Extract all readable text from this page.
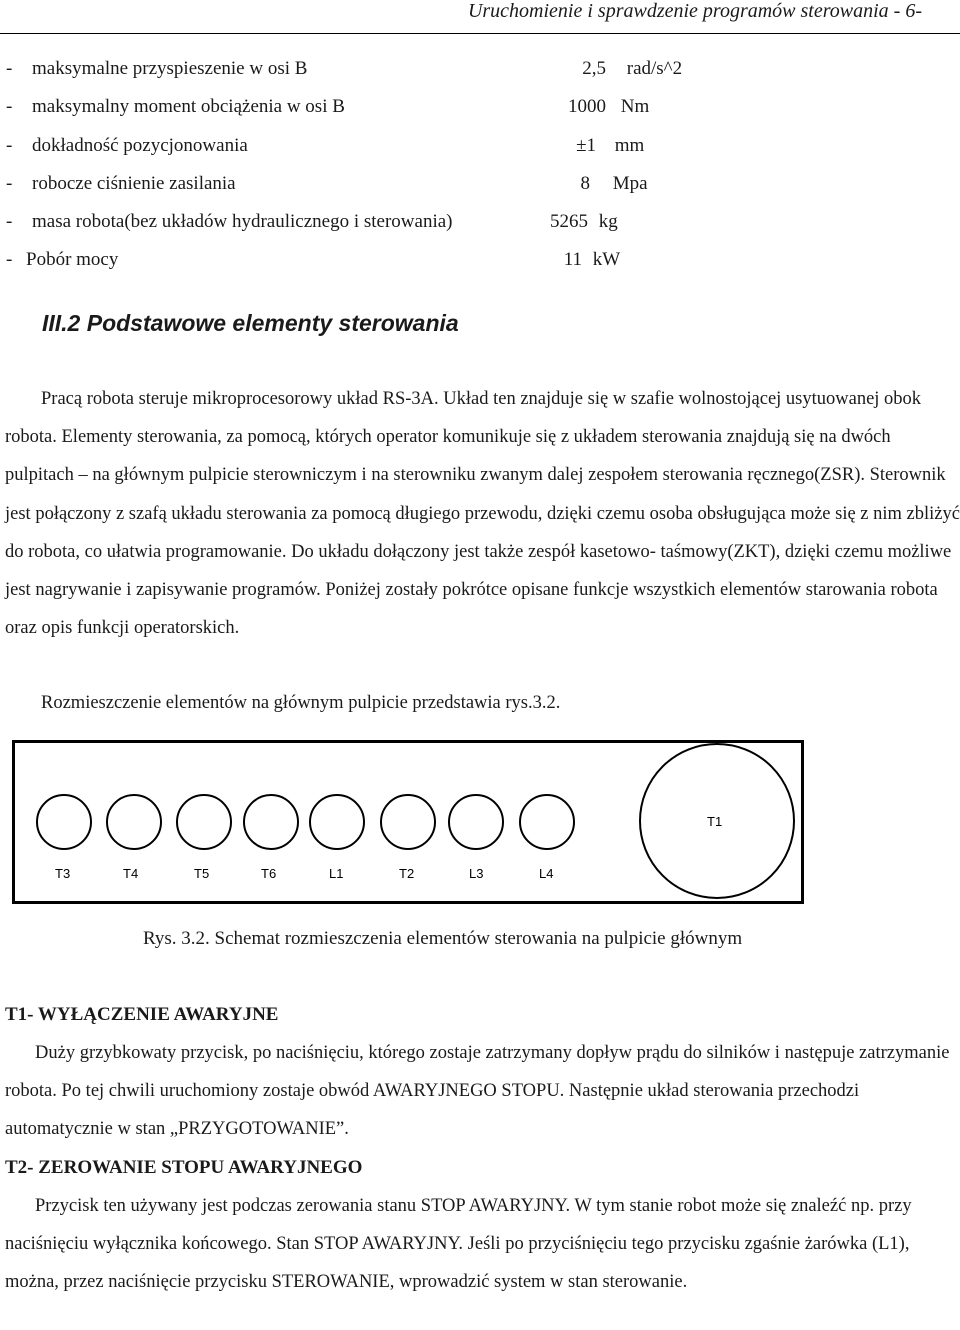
Uruchomienie i sprawdzenie programów sterowania - 6-
- maksymalne przyspieszenie w osi B	2,5 rad/s^2
- maksymalny moment obciążenia w osi B	1000 Nm
- dokładność pozycjonowania	±1 mm
- robocze ciśnienie zasilania	8 Mpa
- masa robota(bez układów hydraulicznego i sterowania)	5265 kg
- Pobór mocy	11 kW
III.2 Podstawowe elementy sterowania
Pracą robota steruje mikroprocesorowy układ RS-3A. Układ ten znajduje się w szafie wolnostojącej usytuowanej obok robota. Elementy sterowania, za pomocą, których operator komunikuje się z układem sterowania znajdują się na dwóch pulpitach – na głównym pulpicie sterowniczym i na sterowniku zwanym dalej zespołem sterowania ręcznego(ZSR). Sterownik jest połączony z szafą układu sterowania za pomocą długiego przewodu, dzięki czemu osoba obsługująca może się z nim zbliżyć do robota, co ułatwia programowanie. Do układu dołączony jest także zespół kasetowo- taśmowy(ZKT), dzięki czemu możliwe jest nagrywanie i zapisywanie programów. Poniżej zostały pokrótce opisane funkcje wszystkich elementów starowania robota oraz opis funkcji operatorskich.
Rozmieszczenie elementów na głównym pulpicie przedstawia rys.3.2.
T3	T4	T5	T6	L1	T2	L3	L4
T1
Rys. 3.2. Schemat rozmieszczenia elementów sterowania na pulpicie głównym
T1- WYŁĄCZENIE AWARYJNE
Duży grzybkowaty przycisk, po naciśnięciu, którego zostaje zatrzymany dopływ prądu do silników i następuje zatrzymanie robota. Po tej chwili uruchomiony zostaje obwód AWARYJNEGO STOPU. Następnie układ sterowania przechodzi automatycznie w stan „PRZYGOTOWANIE”.
T2- ZEROWANIE STOPU AWARYJNEGO
Przycisk ten używany jest podczas zerowania stanu STOP AWARYJNY. W tym stanie robot może się znaleźć np. przy naciśnięciu wyłącznika końcowego. Stan STOP AWARYJNY. Jeśli po przyciśnięciu tego przycisku zgaśnie żarówka (L1), można, przez naciśnięcie przycisku STEROWANIE, wprowadzić system w stan sterowanie.
